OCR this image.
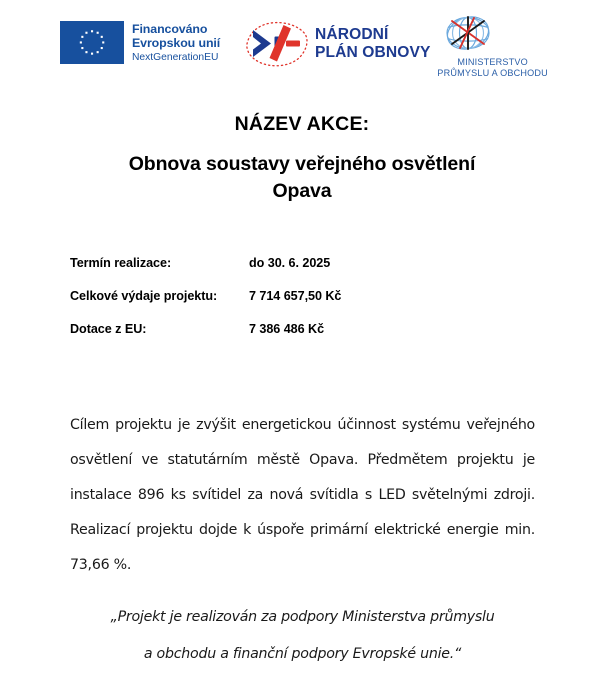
Financováno
Evropskou unií
NextGenerationEU
NÁRODNÍ
PLÁN OBNOVY
MINISTERSTVO
PRŮMYSLU A OBCHODU
NÁZEV AKCE:
Obnova soustavy veřejného osvětlení
Opava
Termín realizace:	do 30. 6. 2025
Celkové výdaje projektu:	7 714 657,50 Kč
Dotace z EU:	7 386 486 Kč

Cílem projektu je zvýšit energetickou účinnost systému veřejného osvětlení ve statutárním městě Opava. Předmětem projektu je instalace 896 ks svítidel za nová svítidla s LED světelnými zdroji. Realizací projektu dojde k úspoře primární elektrické energie min. 73,66 %.

„Projekt je realizován za podpory Ministerstva průmyslu

a obchodu a finanční podpory Evropské unie.“
